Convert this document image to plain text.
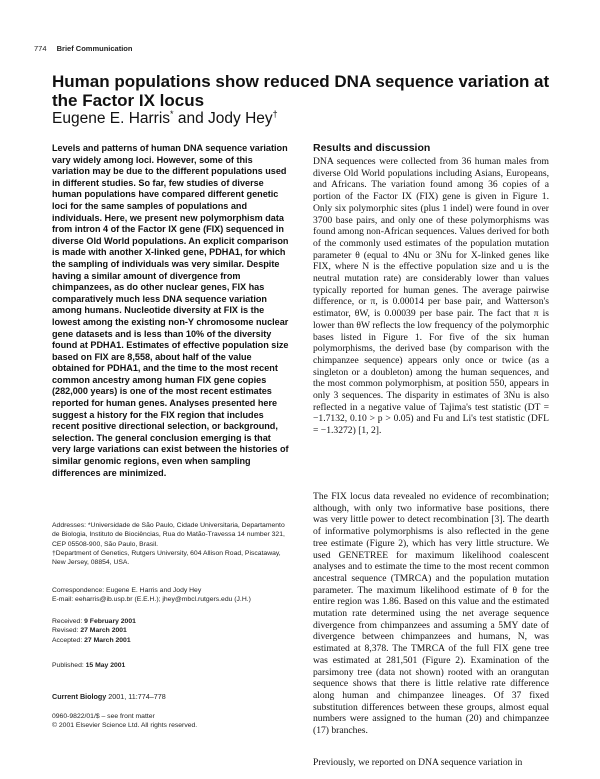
774 Brief Communication
Human populations show reduced DNA sequence variation at the Factor IX locus
Eugene E. Harris* and Jody Hey†
Levels and patterns of human DNA sequence variation vary widely among loci. However, some of this variation may be due to the different populations used in different studies. So far, few studies of diverse human populations have compared different genetic loci for the same samples of populations and individuals. Here, we present new polymorphism data from intron 4 of the Factor IX gene (FIX) sequenced in diverse Old World populations. An explicit comparison is made with another X-linked gene, PDHA1, for which the sampling of individuals was very similar. Despite having a similar amount of divergence from chimpanzees, as do other nuclear genes, FIX has comparatively much less DNA sequence variation among humans. Nucleotide diversity at FIX is the lowest among the existing non-Y chromosome nuclear gene datasets and is less than 10% of the diversity found at PDHA1. Estimates of effective population size based on FIX are 8,558, about half of the value obtained for PDHA1, and the time to the most recent common ancestry among human FIX gene copies (282,000 years) is one of the most recent estimates reported for human genes. Analyses presented here suggest a history for the FIX region that includes recent positive directional selection, or background, selection. The general conclusion emerging is that very large variations can exist between the histories of similar genomic regions, even when sampling differences are minimized.
Addresses: *Universidade de São Paulo, Cidade Universitaria, Departamento de Biologia, Instituto de Biociências, Rua do Matão-Travessa 14 number 321, CEP 05508-900, São Paulo, Brasil.
†Department of Genetics, Rutgers University, 604 Allison Road, Piscataway, New Jersey, 08854, USA.
Correspondence: Eugene E. Harris and Jody Hey
E-mail: eeharris@ib.usp.br (E.E.H.); jhey@mbcl.rutgers.edu (J.H.)
Received: 9 February 2001
Revised: 27 March 2001
Accepted: 27 March 2001
Published: 15 May 2001
Current Biology 2001, 11:774–778
0960-9822/01/$ – see front matter
© 2001 Elsevier Science Ltd. All rights reserved.
Results and discussion

DNA sequences were collected from 36 human males from diverse Old World populations including Asians, Europeans, and Africans. The variation found among 36 copies of a portion of the Factor IX (FIX) gene is given in Figure 1. Only six polymorphic sites (plus 1 indel) were found in over 3700 base pairs, and only one of these polymorphisms was found among non-African sequences. Values derived for both of the commonly used estimates of the population mutation parameter θ (equal to 4Nu or 3Nu for X-linked genes like FIX, where N is the effective population size and u is the neutral mutation rate) are considerably lower than values typically reported for human genes. The average pairwise difference, or π, is 0.00014 per base pair, and Watterson's estimator, θW, is 0.00039 per base pair. The fact that π is lower than θW reflects the low frequency of the polymorphic bases listed in Figure 1. For five of the six human polymorphisms, the derived base (by comparison with the chimpanzee sequence) appears only once or twice (as a singleton or a doubleton) among the human sequences, and the most common polymorphism, at position 550, appears in only 3 sequences. The disparity in estimates of 3Nu is also reflected in a negative value of Tajima's test statistic (DT = −1.7132, 0.10 > p > 0.05) and Fu and Li's test statistic (DFL = −1.3272) [1, 2].

The FIX locus data revealed no evidence of recombination; although, with only two informative base positions, there was very little power to detect recombination [3]. The dearth of informative polymorphisms is also reflected in the gene tree estimate (Figure 2), which has very little structure. We used GENETREE for maximum likelihood coalescent analyses and to estimate the time to the most recent common ancestral sequence (TMRCA) and the population mutation parameter. The maximum likelihood estimate of θ for the entire region was 1.86. Based on this value and the estimated mutation rate determined using the net average sequence divergence from chimpanzees and assuming a 5MY date of divergence between chimpanzees and humans, N, was estimated at 8,378. The TMRCA of the full FIX gene tree was estimated at 281,501 (Figure 2). Examination of the parsimony tree (data not shown) rooted with an orangutan sequence shows that there is little relative rate difference along human and chimpanzee lineages. Of 37 fixed substitution differences between these groups, almost equal numbers were assigned to the human (20) and chimpanzee (17) branches.

Previously, we reported on DNA sequence variation in
